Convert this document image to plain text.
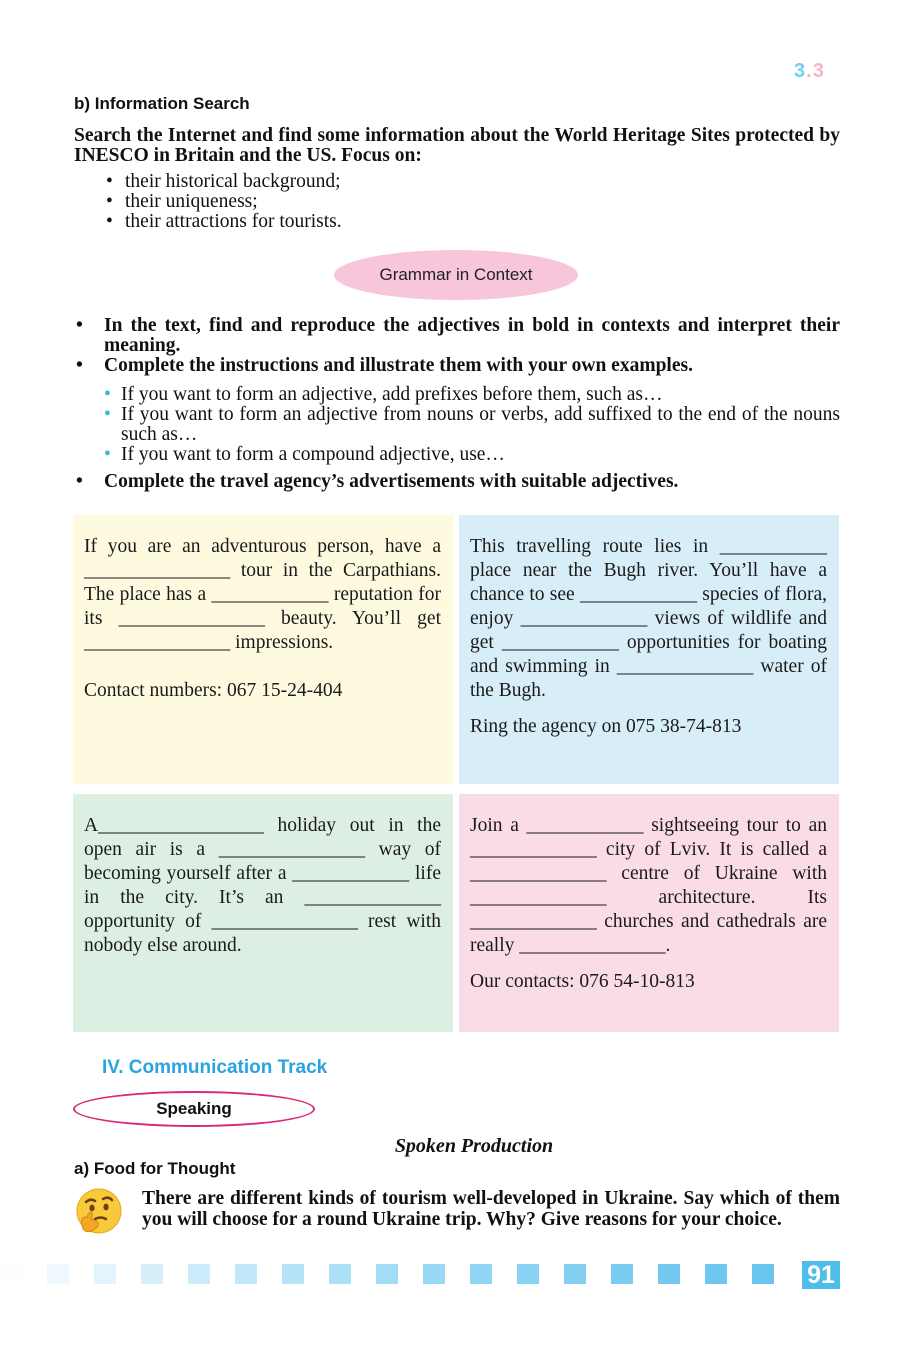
3.3
b) Information Search
Search the Internet and find some information about the World Heritage Sites protected by INESCO in Britain and the US. Focus on:
• their historical background;
• their uniqueness;
• their attractions for tourists.
Grammar in Context
• In the text, find and reproduce the adjectives in bold in contexts and interpret their meaning.
• Complete the instructions and illustrate them with your own examples.
• If you want to form an adjective, add prefixes before them, such as…
• If you want to form an adjective from nouns or verbs, add suffixed to the end of the nouns such as…
• If you want to form a compound adjective, use…
• Complete the travel agency’s advertisements with suitable adjectives.

If you are an adventurous person, have a _______________ tour in the Carpathians. The place has a ____________ reputation for its _______________ beauty. You’ll get _______________ impressions.

Contact numbers: 067 15-24-404

This travelling route lies in ___________ place near the Bugh river. You’ll have a chance to see ____________ species of flora, enjoy _____________ views of wildlife and get ____________ opportunities for boating and swimming in ______________ water of the Bugh.

Ring the agency on 075 38-74-813

A_________________ holiday out in the open air is a _______________ way of becoming yourself after a ____________ life in the city. It’s an ______________ opportunity of _______________ rest with nobody else around.

Join a ____________ sightseeing tour to an _____________ city of Lviv. It is called a ______________ centre of Ukraine with ______________ architecture. Its _____________ churches and cathedrals are really _______________.

Our contacts: 076 54-10-813

IV. Communication Track
Speaking
Spoken Production
a) Food for Thought
There are different kinds of tourism well-developed in Ukraine. Say which of them you will choose for a round Ukraine trip. Why? Give reasons for your choice.
91
